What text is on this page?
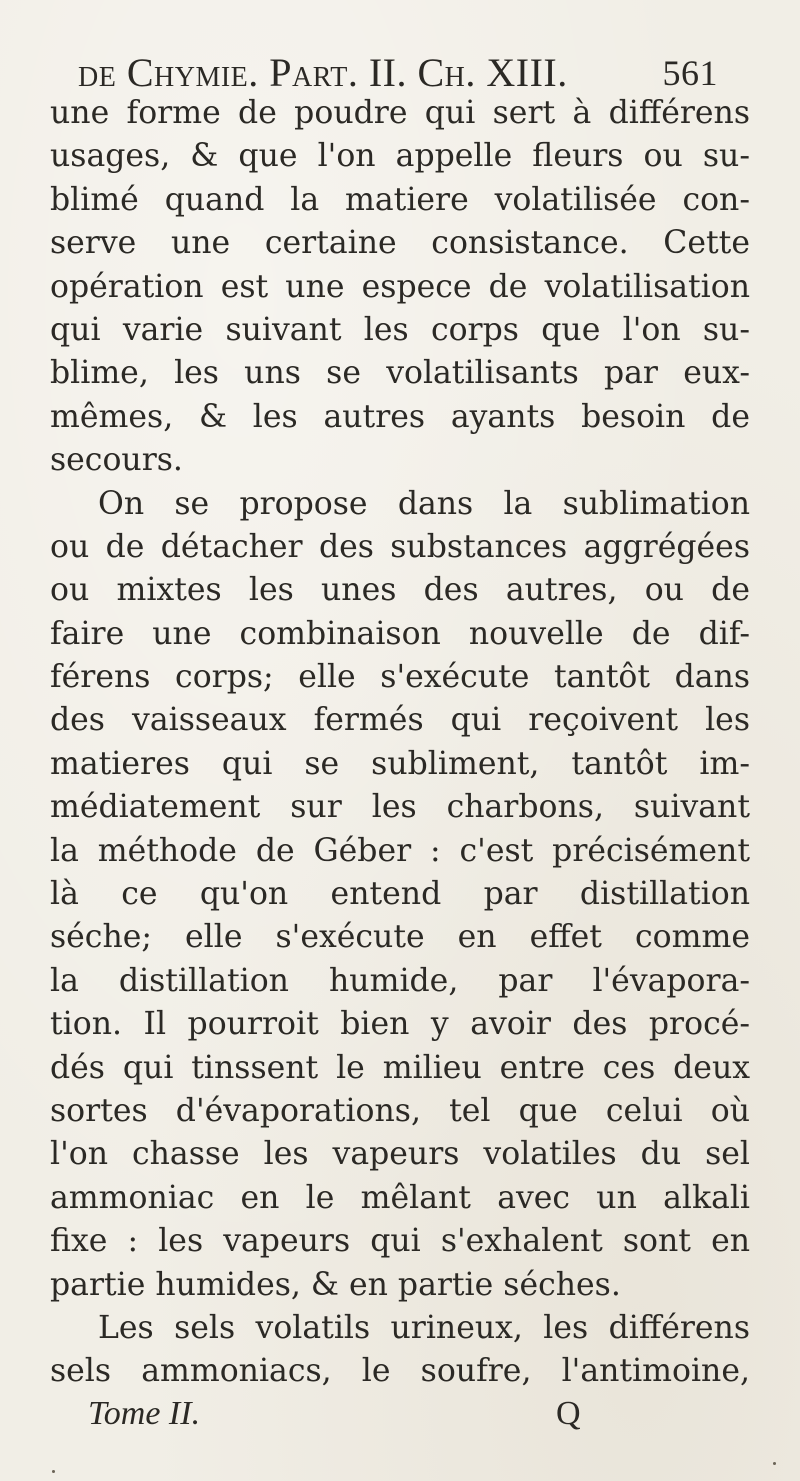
de Chymie. Part. II. Ch. XIII.	561
une forme de poudre qui sert à différens
usages, & que l'on appelle fleurs ou su-
blimé quand la matiere volatilisée con-
serve une certaine consistance. Cette
opération est une espece de volatilisation
qui varie suivant les corps que l'on su-
blime, les uns se volatilisants par eux-
mêmes, & les autres ayants besoin de
secours.
On se propose dans la sublimation
ou de détacher des substances aggrégées
ou mixtes les unes des autres, ou de
faire une combinaison nouvelle de dif-
férens corps; elle s'exécute tantôt dans
des vaisseaux fermés qui reçoivent les
matieres qui se subliment, tantôt im-
médiatement sur les charbons, suivant
la méthode de Géber : c'est précisément
là ce qu'on entend par distillation
séche; elle s'exécute en effet comme
la distillation humide, par l'évapora-
tion. Il pourroit bien y avoir des procé-
dés qui tinssent le milieu entre ces deux
sortes d'évaporations, tel que celui où
l'on chasse les vapeurs volatiles du sel
ammoniac en le mêlant avec un alkali
fixe : les vapeurs qui s'exhalent sont en
partie humides, & en partie séches.
Les sels volatils urineux, les différens
sels ammoniacs, le soufre, l'antimoine,
Tome II.	Q
